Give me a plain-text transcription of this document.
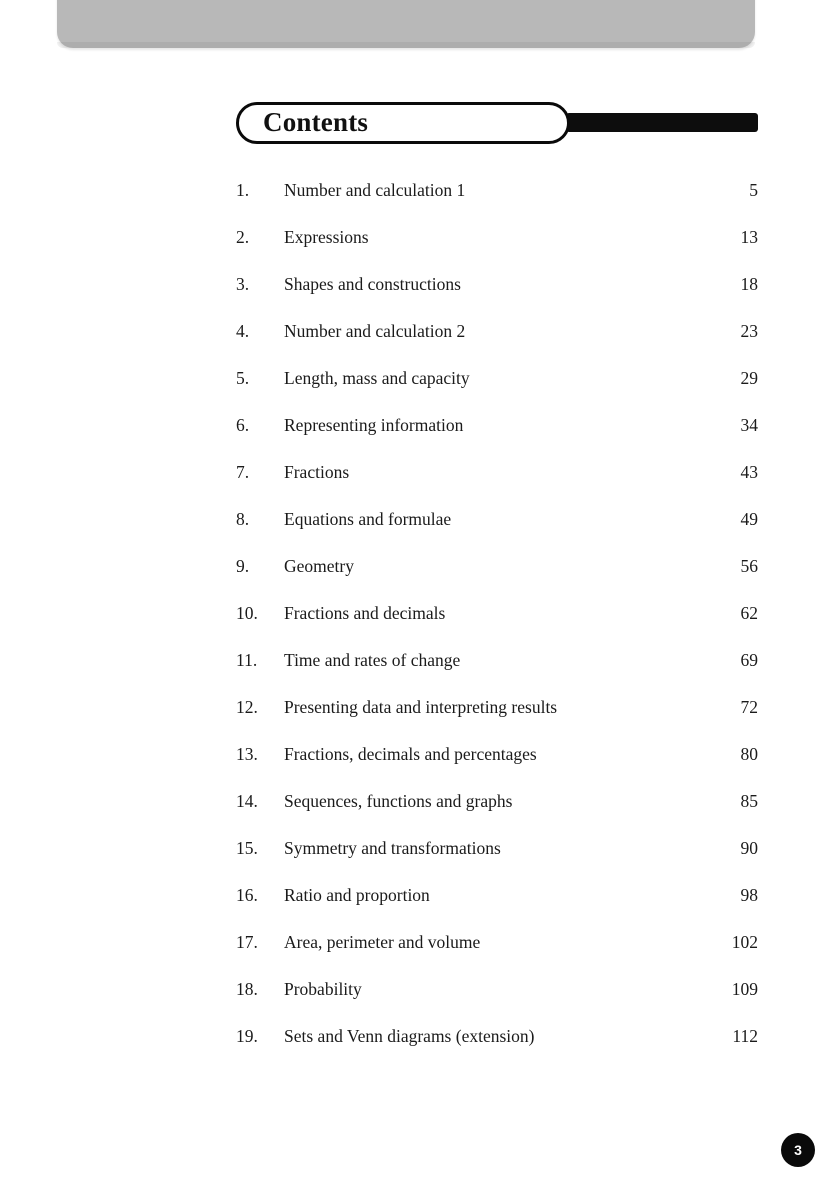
Contents
1.	Number and calculation 1	5
2.	Expressions	13
3.	Shapes and constructions	18
4.	Number and calculation 2	23
5.	Length, mass and capacity	29
6.	Representing information	34
7.	Fractions	43
8.	Equations and formulae	49
9.	Geometry	56
10.	Fractions and decimals	62
11.	Time and rates of change	69
12.	Presenting data and interpreting results	72
13.	Fractions, decimals and percentages	80
14.	Sequences, functions and graphs	85
15.	Symmetry and transformations	90
16.	Ratio and proportion	98
17.	Area, perimeter and volume	102
18.	Probability	109
19.	Sets and Venn diagrams (extension)	112
3
